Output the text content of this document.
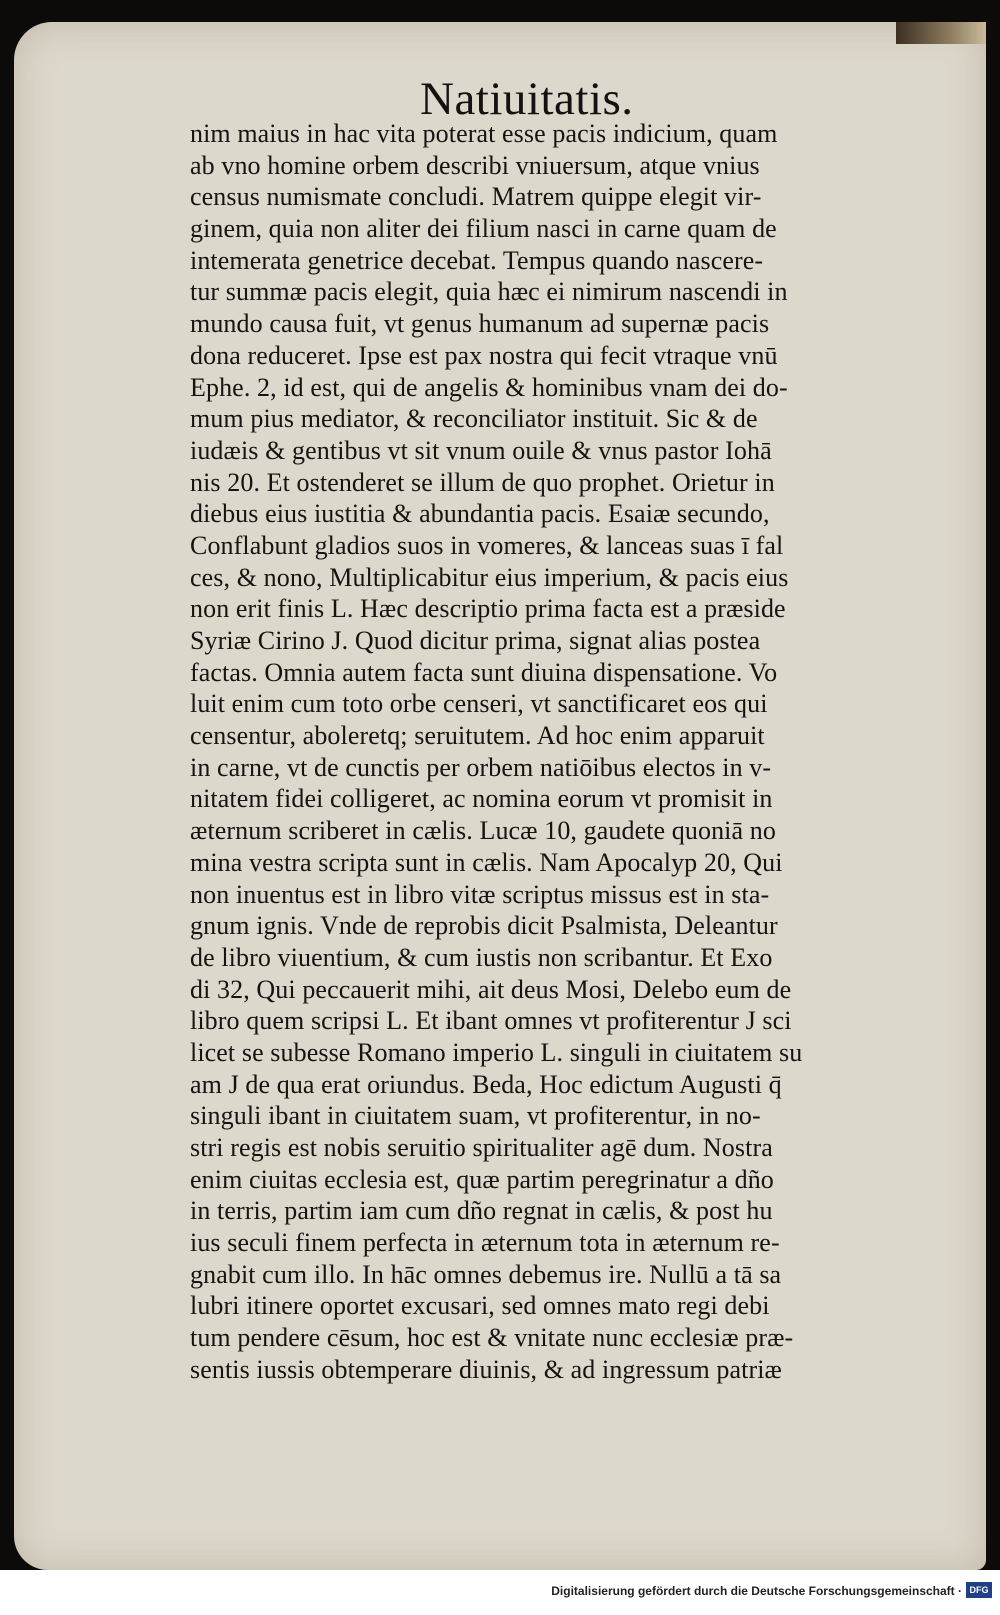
Natiuitatis.
nim maius in hac vita poterat esse pacis indicium, quam
ab vno homine orbem describi vniuersum, atque vnius
census numismate concludi. Matrem quippe elegit vir-
ginem, quia non aliter dei filium nasci in carne quam de
intemerata genetrice decebat. Tempus quando nascere-
tur summæ pacis elegit, quia hæc ei nimirum nascendi in
mundo causa fuit, vt genus humanum ad supernæ pacis
dona reduceret. Ipse est pax nostra qui fecit vtraque vnū
Ephe. 2, id est, qui de angelis & hominibus vnam dei do-
mum pius mediator, & reconciliator instituit. Sic & de
iudæis & gentibus vt sit vnum ouile & vnus pastor Iohā
nis 20. Et ostenderet se illum de quo prophet. Orietur in
diebus eius iustitia & abundantia pacis. Esaiæ secundo,
Conflabunt gladios suos in vomeres, & lanceas suas ī fal
ces, & nono, Multiplicabitur eius imperium, & pacis eius
non erit finis L. Hæc descriptio prima facta est a præside
Syriæ Cirino J. Quod dicitur prima, signat alias postea
factas. Omnia autem facta sunt diuina dispensatione. Vo
luit enim cum toto orbe censeri, vt sanctificaret eos qui
censentur, aboleretq; seruitutem. Ad hoc enim apparuit
in carne, vt de cunctis per orbem natiōibus electos in v-
nitatem fidei colligeret, ac nomina eorum vt promisit in
æternum scriberet in cælis. Lucæ 10, gaudete quoniā no
mina vestra scripta sunt in cælis. Nam Apocalyp 20, Qui
non inuentus est in libro vitæ scriptus missus est in sta-
gnum ignis. Vnde de reprobis dicit Psalmista, Deleantur
de libro viuentium, & cum iustis non scribantur. Et Exo
di 32, Qui peccauerit mihi, ait deus Mosi, Delebo eum de
libro quem scripsi L. Et ibant omnes vt profiterentur J sci
licet se subesse Romano imperio L. singuli in ciuitatem su
am J de qua erat oriundus. Beda, Hoc edictum Augusti q̄
singuli ibant in ciuitatem suam, vt profiterentur, in no-
stri regis est nobis seruitio spiritualiter agē dum. Nostra
enim ciuitas ecclesia est, quæ partim peregrinatur a dño
in terris, partim iam cum dño regnat in cælis, & post hu
ius seculi finem perfecta in æternum tota in æternum re-
gnabit cum illo. In hāc omnes debemus ire. Nullū a tā sa
lubri itinere oportet excusari, sed omnes mato regi debi
tum pendere cēsum, hoc est & vnitate nunc ecclesiæ præ-
sentis iussis obtemperare diuinis, & ad ingressum patriæ
Digitalisierung gefördert durch die Deutsche Forschungsgemeinschaft · DFG
